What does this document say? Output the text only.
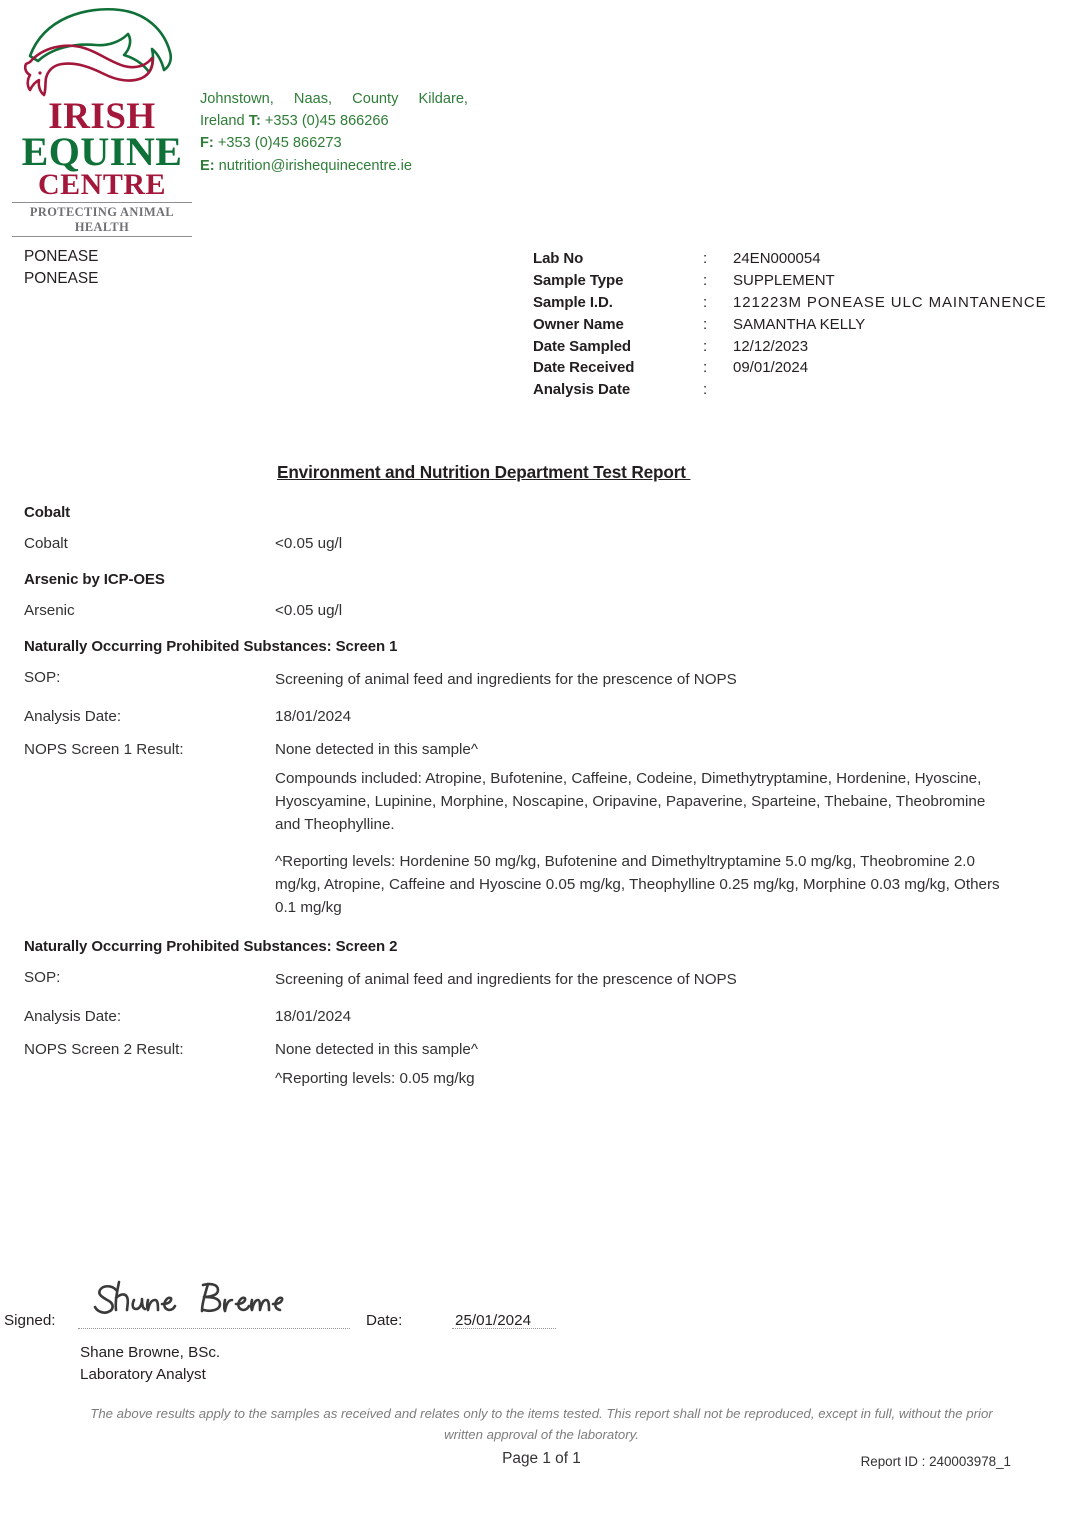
IRISH
EQUINE
CENTRE
PROTECTING ANIMAL HEALTH
Johnstown, Naas, County Kildare,
Ireland T: +353 (0)45 866266
F: +353 (0)45 866273
E: nutrition@irishequinecentre.ie
PONEASE
PONEASE
Lab No	:	24EN000054
Sample Type	:	SUPPLEMENT
Sample I.D.	:	121223M PONEASE ULC MAINTANENCE
Owner Name	:	SAMANTHA KELLY
Date Sampled	:	12/12/2023
Date Received	:	09/01/2024
Analysis Date	:
Environment and Nutrition Department Test Report
Cobalt
Cobalt	<0.05 ug/l
Arsenic by ICP-OES
Arsenic	<0.05 ug/l
Naturally Occurring Prohibited Substances: Screen 1
SOP:	Screening of animal feed and ingredients for the prescence of NOPS
Analysis Date:	18/01/2024
NOPS Screen 1 Result:	None detected in this sample^
Compounds included: Atropine, Bufotenine, Caffeine, Codeine, Dimethytryptamine, Hordenine, Hyoscine, Hyoscyamine, Lupinine, Morphine, Noscapine, Oripavine, Papaverine, Sparteine, Thebaine, Theobromine and Theophylline.
^Reporting levels: Hordenine 50 mg/kg, Bufotenine and Dimethyltryptamine 5.0 mg/kg, Theobromine 2.0 mg/kg, Atropine, Caffeine and Hyoscine 0.05 mg/kg, Theophylline 0.25 mg/kg, Morphine 0.03 mg/kg, Others 0.1 mg/kg
Naturally Occurring Prohibited Substances: Screen 2
SOP:	Screening of animal feed and ingredients for the prescence of NOPS
Analysis Date:	18/01/2024
NOPS Screen 2 Result:	None detected in this sample^
^Reporting levels: 0.05 mg/kg
Signed:	Date:	25/01/2024
Shane Browne, BSc.
Laboratory Analyst
The above results apply to the samples as received and relates only to the items tested. This report shall not be reproduced, except in full, without the prior written approval of the laboratory.
Page 1 of 1	Report ID : 240003978_1
